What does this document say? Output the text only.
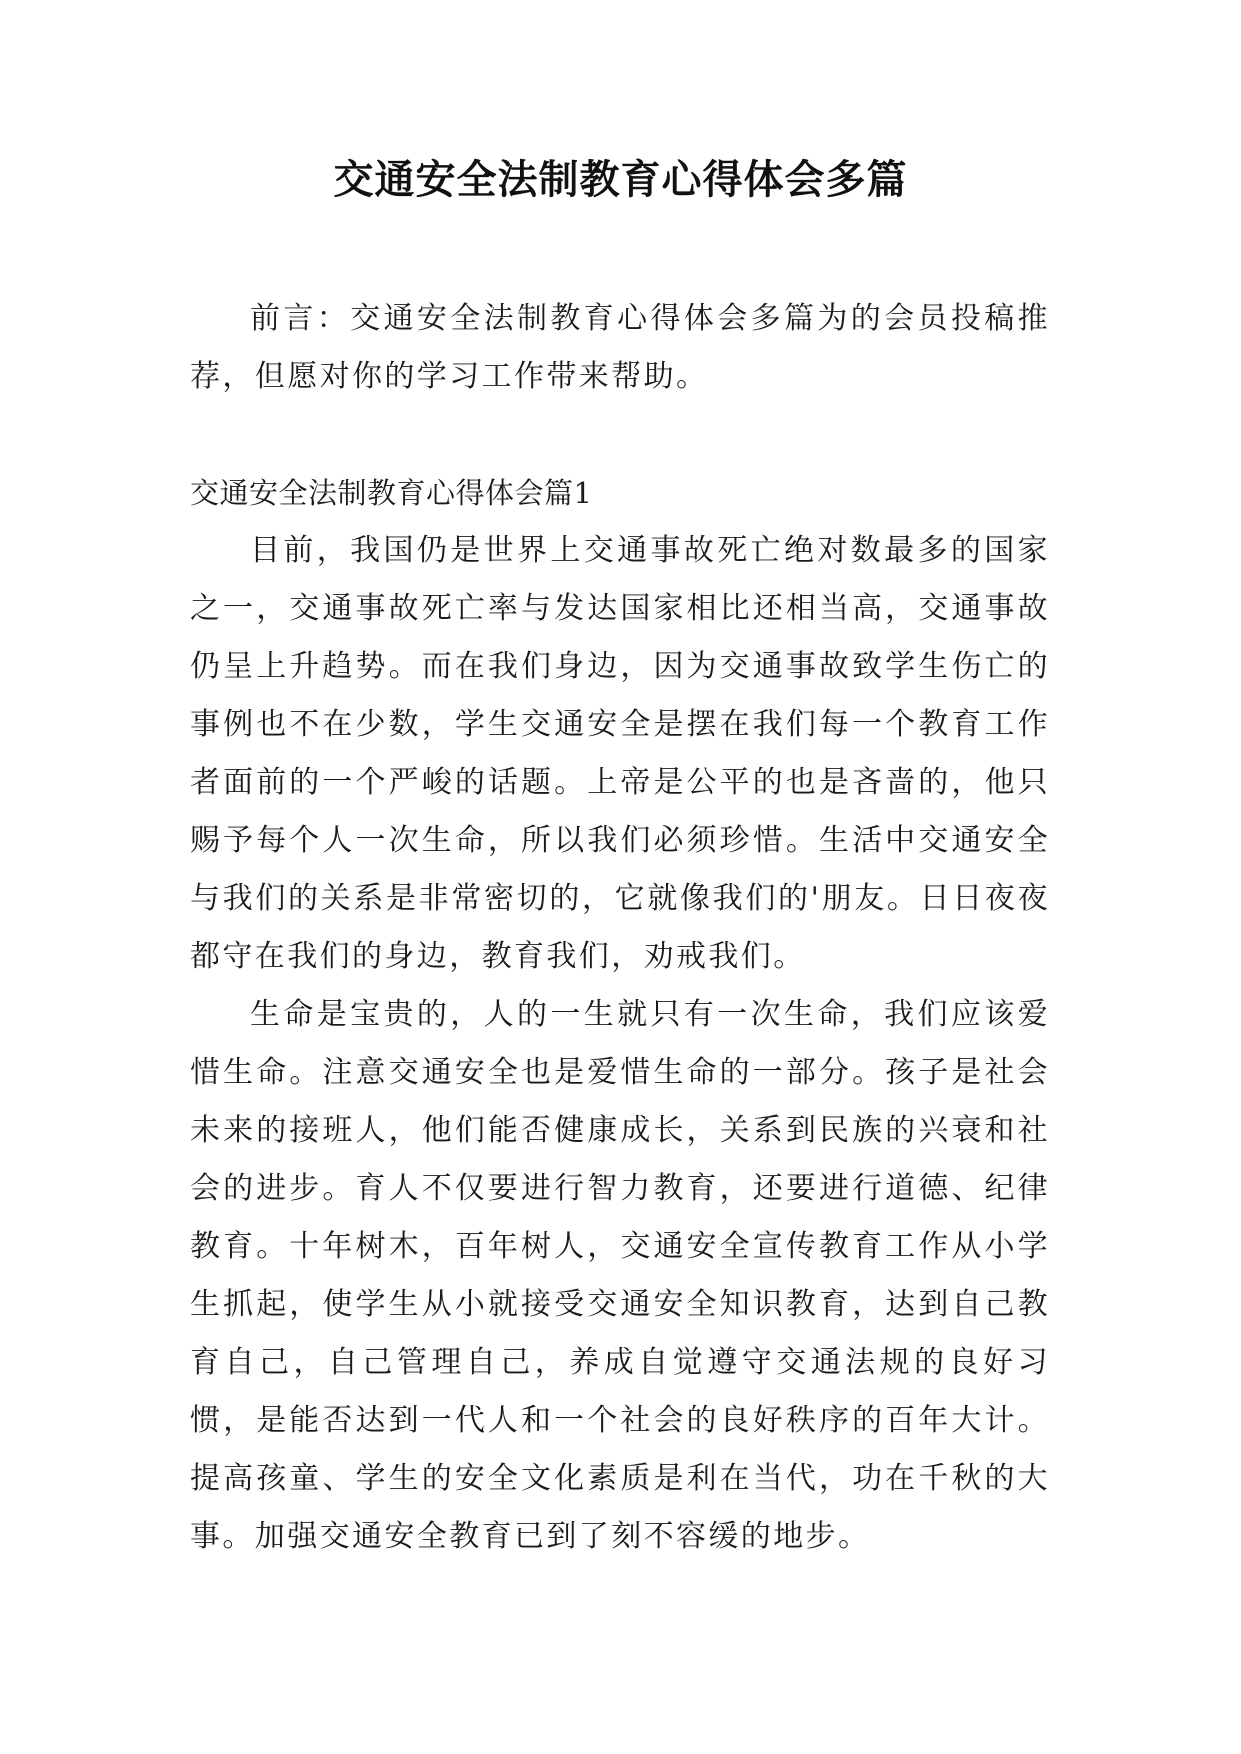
交通安全法制教育心得体会多篇

前言：交通安全法制教育心得体会多篇为的会员投稿推荐，但愿对你的学习工作带来帮助。

交通安全法制教育心得体会篇1

目前，我国仍是世界上交通事故死亡绝对数最多的国家之一，交通事故死亡率与发达国家相比还相当高，交通事故仍呈上升趋势。而在我们身边，因为交通事故致学生伤亡的事例也不在少数，学生交通安全是摆在我们每一个教育工作者面前的一个严峻的话题。上帝是公平的也是吝啬的，他只赐予每个人一次生命，所以我们必须珍惜。生活中交通安全与我们的关系是非常密切的，它就像我们的'朋友。日日夜夜都守在我们的身边，教育我们，劝戒我们。

生命是宝贵的，人的一生就只有一次生命，我们应该爱惜生命。注意交通安全也是爱惜生命的一部分。孩子是社会未来的接班人，他们能否健康成长，关系到民族的兴衰和社会的进步。育人不仅要进行智力教育，还要进行道德、纪律教育。十年树木，百年树人，交通安全宣传教育工作从小学生抓起，使学生从小就接受交通安全知识教育，达到自己教育自己，自己管理自己，养成自觉遵守交通法规的良好习惯，是能否达到一代人和一个社会的良好秩序的百年大计。提高孩童、学生的安全文化素质是利在当代，功在千秋的大事。加强交通安全教育已到了刻不容缓的地步。
